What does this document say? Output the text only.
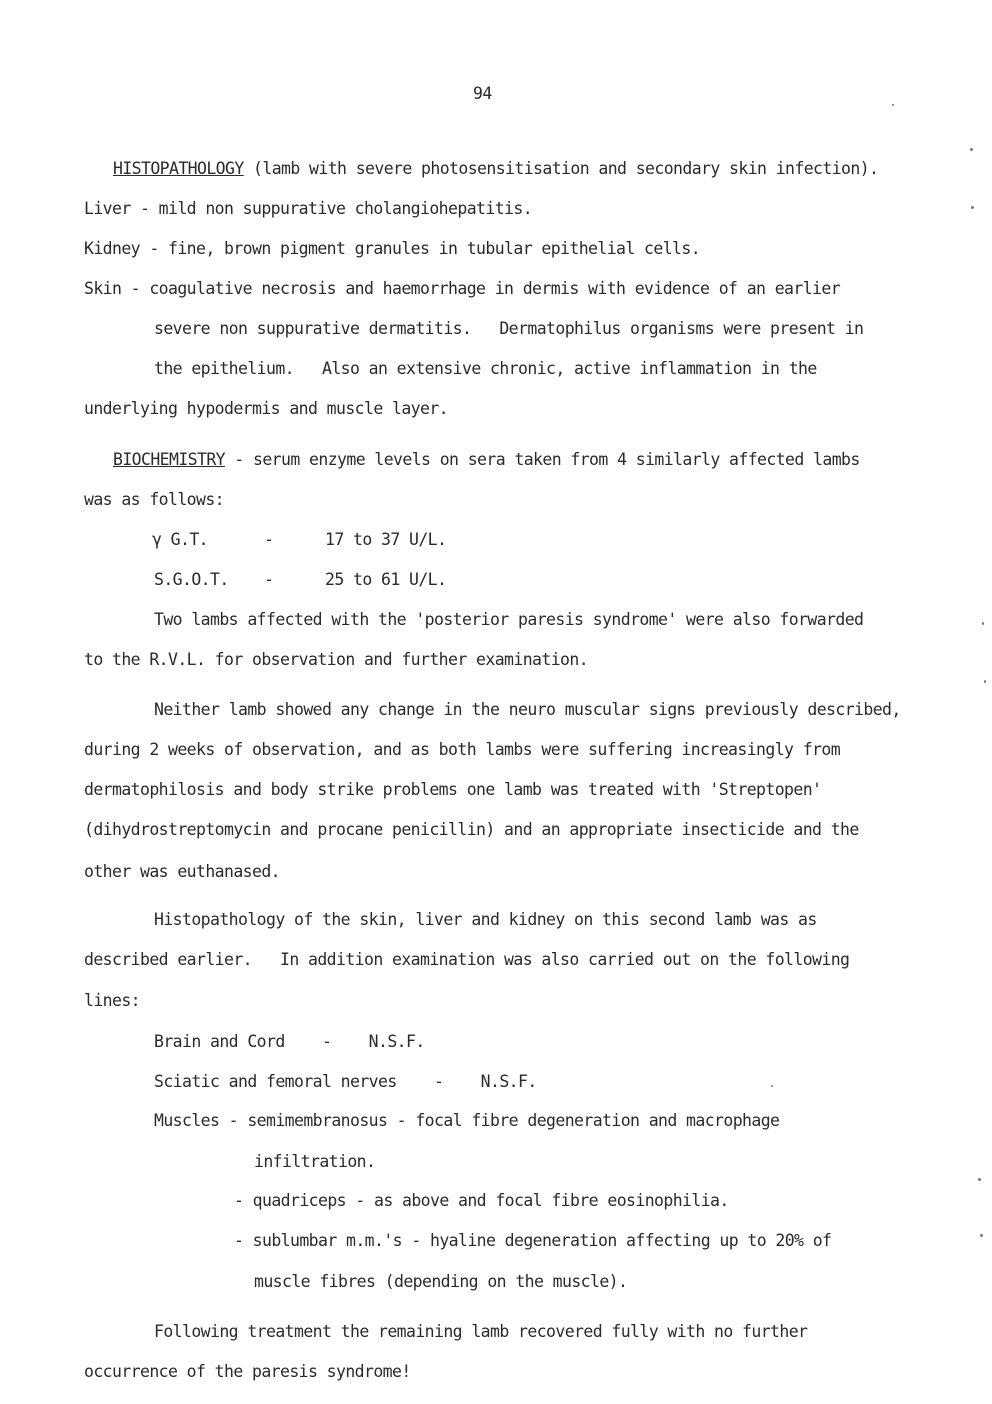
94
HISTOPATHOLOGY (lamb with severe photosensitisation and secondary skin infection).
Liver - mild non suppurative cholangiohepatitis.
Kidney - fine, brown pigment granules in tubular epithelial cells.
Skin - coagulative necrosis and haemorrhage in dermis with evidence of an earlier
severe non suppurative dermatitis.   Dermatophilus organisms were present in
the epithelium.   Also an extensive chronic, active inflammation in the
underlying hypodermis and muscle layer.
BIOCHEMISTRY - serum enzyme levels on sera taken from 4 similarly affected lambs
was as follows:
γ G.T.	-	17 to 37 U/L.
S.G.O.T. -	25 to 61 U/L.
Two lambs affected with the 'posterior paresis syndrome' were also forwarded
to the R.V.L. for observation and further examination.
Neither lamb showed any change in the neuro muscular signs previously described,
during 2 weeks of observation, and as both lambs were suffering increasingly from
dermatophilosis and body strike problems one lamb was treated with 'Streptopen'
(dihydrostreptomycin and procane penicillin) and an appropriate insecticide and the
other was euthanased.
Histopathology of the skin, liver and kidney on this second lamb was as
described earlier.   In addition examination was also carried out on the following
lines:
Brain and Cord    -    N.S.F.
Sciatic and femoral nerves    -    N.S.F.
Muscles - semimembranosus - focal fibre degeneration and macrophage
infiltration.
- quadriceps - as above and focal fibre eosinophilia.
- sublumbar m.m.'s - hyaline degeneration affecting up to 20% of
muscle fibres (depending on the muscle).
Following treatment the remaining lamb recovered fully with no further
occurrence of the paresis syndrome!
